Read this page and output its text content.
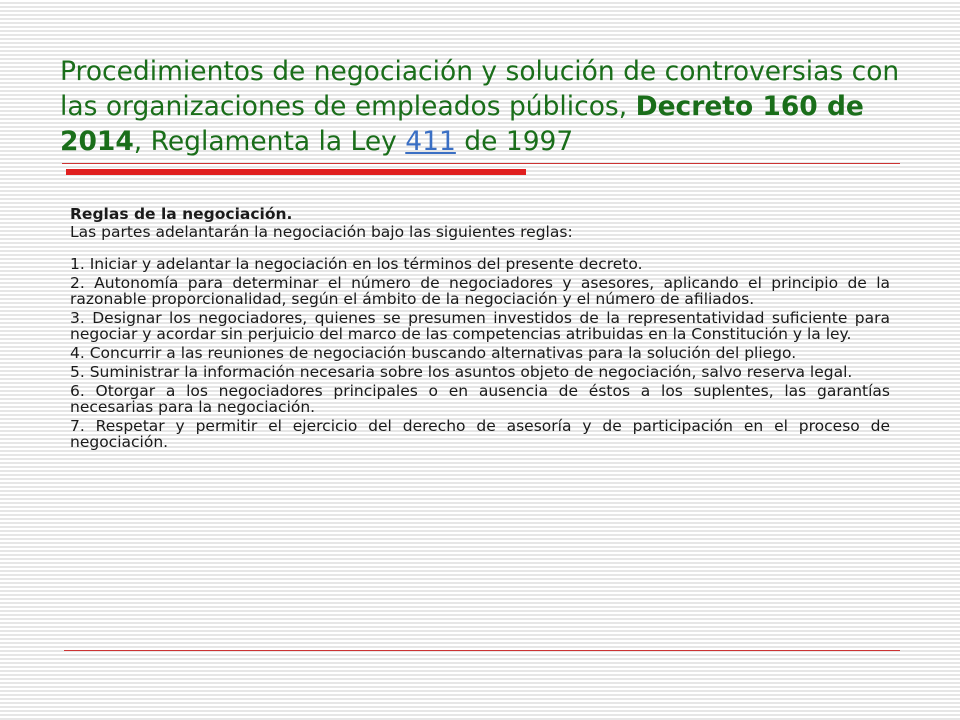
Procedimientos de negociación y solución de controversias con las organizaciones de empleados públicos, Decreto 160 de 2014, Reglamenta la Ley 411 de 1997

Reglas de la negociación.

Las partes adelantarán la negociación bajo las siguientes reglas:

1. Iniciar y adelantar la negociación en los términos del presente decreto.

2. Autonomía para determinar el número de negociadores y asesores, aplicando el principio de la razonable proporcionalidad, según el ámbito de la negociación y el número de afiliados.

3. Designar los negociadores, quienes se presumen investidos de la representatividad suficiente para negociar y acordar sin perjuicio del marco de las competencias atribuidas en la Constitución y la ley.

4. Concurrir a las reuniones de negociación buscando alternativas para la solución del pliego.

5. Suministrar la información necesaria sobre los asuntos objeto de negociación, salvo reserva legal.

6. Otorgar a los negociadores principales o en ausencia de éstos a los suplentes, las garantías necesarias para la negociación.

7. Respetar y permitir el ejercicio del derecho de asesoría y de participación en el proceso de negociación.
